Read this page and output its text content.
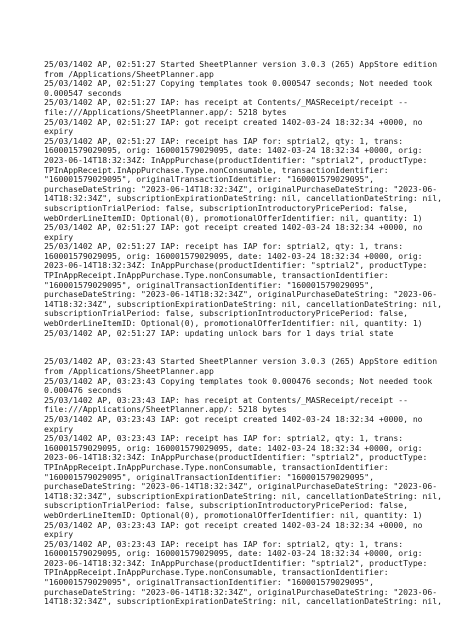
25/03/1402 AP, 02:51:27 Started SheetPlanner version 3.0.3 (265) AppStore edition
from /Applications/SheetPlanner.app
25/03/1402 AP, 02:51:27 Copying templates took 0.000547 seconds; Not needed took
0.000547 seconds
25/03/1402 AP, 02:51:27 IAP: has receipt at Contents/_MASReceipt/receipt --
file:///Applications/SheetPlanner.app/: 5218 bytes
25/03/1402 AP, 02:51:27 IAP: got receipt created 1402-03-24 18:32:34 +0000, no
expiry
25/03/1402 AP, 02:51:27 IAP: receipt has IAP for: sptrial2, qty: 1, trans:
160001579029095, orig: 160001579029095, date: 1402-03-24 18:32:34 +0000, orig:
2023-06-14T18:32:34Z: InAppPurchase(productIdentifier: "sptrial2", productType:
TPInAppReceipt.InAppPurchase.Type.nonConsumable, transactionIdentifier:
"160001579029095", originalTransactionIdentifier: "160001579029095",
purchaseDateString: "2023-06-14T18:32:34Z", originalPurchaseDateString: "2023-06-
14T18:32:34Z", subscriptionExpirationDateString: nil, cancellationDateString: nil,
subscriptionTrialPeriod: false, subscriptionIntroductoryPricePeriod: false,
webOrderLineItemID: Optional(0), promotionalOfferIdentifier: nil, quantity: 1)
25/03/1402 AP, 02:51:27 IAP: got receipt created 1402-03-24 18:32:34 +0000, no
expiry
25/03/1402 AP, 02:51:27 IAP: receipt has IAP for: sptrial2, qty: 1, trans:
160001579029095, orig: 160001579029095, date: 1402-03-24 18:32:34 +0000, orig:
2023-06-14T18:32:34Z: InAppPurchase(productIdentifier: "sptrial2", productType:
TPInAppReceipt.InAppPurchase.Type.nonConsumable, transactionIdentifier:
"160001579029095", originalTransactionIdentifier: "160001579029095",
purchaseDateString: "2023-06-14T18:32:34Z", originalPurchaseDateString: "2023-06-
14T18:32:34Z", subscriptionExpirationDateString: nil, cancellationDateString: nil,
subscriptionTrialPeriod: false, subscriptionIntroductoryPricePeriod: false,
webOrderLineItemID: Optional(0), promotionalOfferIdentifier: nil, quantity: 1)
25/03/1402 AP, 02:51:27 IAP: updating unlock bars for 1 days trial state
25/03/1402 AP, 03:23:43 Started SheetPlanner version 3.0.3 (265) AppStore edition
from /Applications/SheetPlanner.app
25/03/1402 AP, 03:23:43 Copying templates took 0.000476 seconds; Not needed took
0.000476 seconds
25/03/1402 AP, 03:23:43 IAP: has receipt at Contents/_MASReceipt/receipt --
file:///Applications/SheetPlanner.app/: 5218 bytes
25/03/1402 AP, 03:23:43 IAP: got receipt created 1402-03-24 18:32:34 +0000, no
expiry
25/03/1402 AP, 03:23:43 IAP: receipt has IAP for: sptrial2, qty: 1, trans:
160001579029095, orig: 160001579029095, date: 1402-03-24 18:32:34 +0000, orig:
2023-06-14T18:32:34Z: InAppPurchase(productIdentifier: "sptrial2", productType:
TPInAppReceipt.InAppPurchase.Type.nonConsumable, transactionIdentifier:
"160001579029095", originalTransactionIdentifier: "160001579029095",
purchaseDateString: "2023-06-14T18:32:34Z", originalPurchaseDateString: "2023-06-
14T18:32:34Z", subscriptionExpirationDateString: nil, cancellationDateString: nil,
subscriptionTrialPeriod: false, subscriptionIntroductoryPricePeriod: false,
webOrderLineItemID: Optional(0), promotionalOfferIdentifier: nil, quantity: 1)
25/03/1402 AP, 03:23:43 IAP: got receipt created 1402-03-24 18:32:34 +0000, no
expiry
25/03/1402 AP, 03:23:43 IAP: receipt has IAP for: sptrial2, qty: 1, trans:
160001579029095, orig: 160001579029095, date: 1402-03-24 18:32:34 +0000, orig:
2023-06-14T18:32:34Z: InAppPurchase(productIdentifier: "sptrial2", productType:
TPInAppReceipt.InAppPurchase.Type.nonConsumable, transactionIdentifier:
"160001579029095", originalTransactionIdentifier: "160001579029095",
purchaseDateString: "2023-06-14T18:32:34Z", originalPurchaseDateString: "2023-06-
14T18:32:34Z", subscriptionExpirationDateString: nil, cancellationDateString: nil,
